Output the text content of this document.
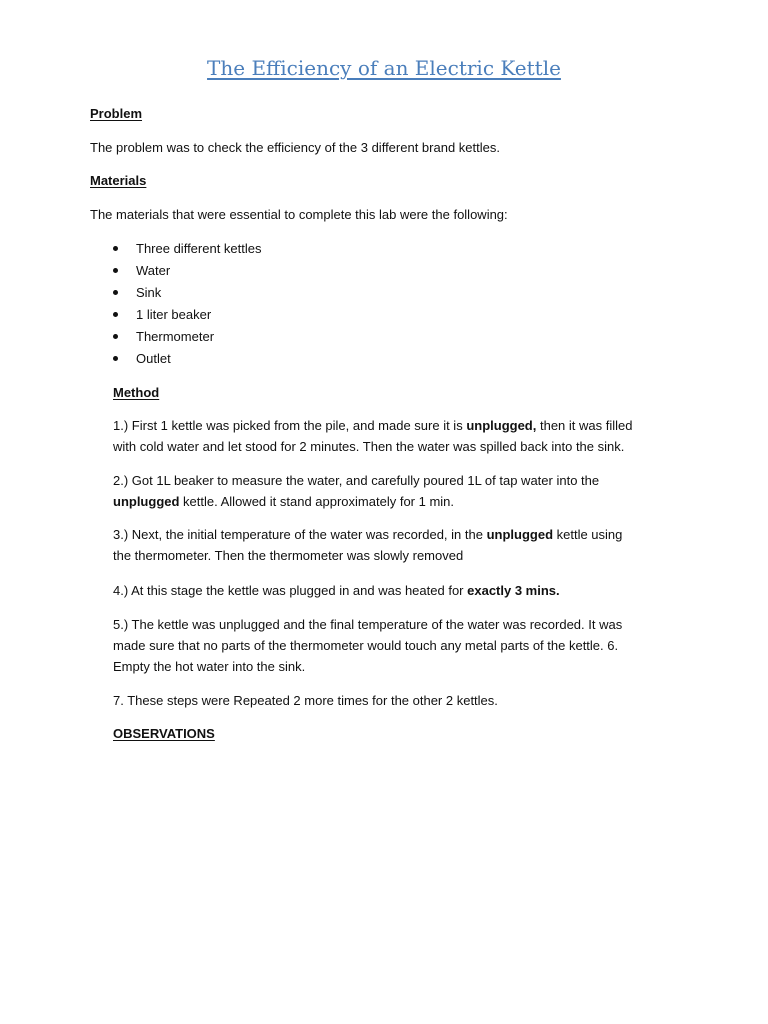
The Efficiency of an Electric Kettle
Problem
The problem was to check the efficiency of the 3 different brand kettles.
Materials
The materials that were essential to complete this lab were the following:
Three different kettles
Water
Sink
1 liter beaker
Thermometer
Outlet
Method
1.) First 1 kettle was picked from the pile, and made sure it is unplugged, then it was filled
with cold water and let stood for 2 minutes. Then the water was spilled back into the sink.
2.) Got 1L beaker to measure the water, and carefully poured 1L of tap water into the
unplugged kettle. Allowed it stand approximately for 1 min.
3.) Next, the initial temperature of the water was recorded, in the unplugged kettle using
the thermometer. Then the thermometer was slowly removed
4.) At this stage the kettle was plugged in and was heated for exactly 3 mins.
5.) The kettle was unplugged and the final temperature of the water was recorded. It was
made sure that no parts of the thermometer would touch any metal parts of the kettle. 6.
Empty the hot water into the sink.
7. These steps were Repeated 2 more times for the other 2 kettles.
OBSERVATIONS
